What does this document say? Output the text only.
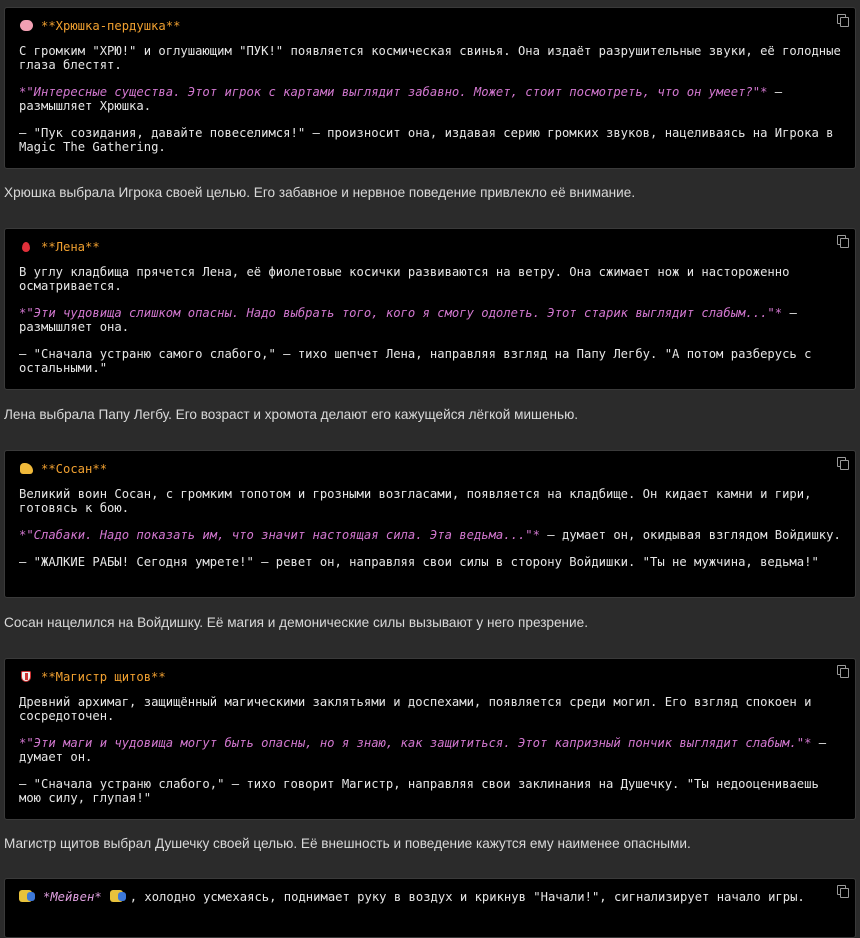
**Хрюшка-пердушка**

С громким "ХРЮ!" и оглушающим "ПУК!" появляется космическая свинья. Она издаёт разрушительные звуки, её голодные глаза блестят.

*"Интересные существа. Этот игрок с картами выглядит забавно. Может, стоит посмотреть, что он умеет?"* — размышляет Хрюшка.

— "Пук созидания, давайте повеселимся!" — произносит она, издавая серию громких звуков, нацеливаясь на Игрока в Magic The Gathering.

Хрюшка выбрала Игрока своей целью. Его забавное и нервное поведение привлекло её внимание.
**Лена**

В углу кладбища прячется Лена, её фиолетовые косички развиваются на ветру. Она сжимает нож и настороженно осматривается.

*"Эти чудовища слишком опасны. Надо выбрать того, кого я смогу одолеть. Этот старик выглядит слабым..."* — размышляет она.

— "Сначала устраню самого слабого," — тихо шепчет Лена, направляя взгляд на Папу Легбу. "А потом разберусь с остальными."

Лена выбрала Папу Легбу. Его возраст и хромота делают его кажущейся лёгкой мишенью.
**Сосан**

Великий воин Сосан, с громким топотом и грозными возгласами, появляется на кладбище. Он кидает камни и гири, готовясь к бою.

*"Слабаки. Надо показать им, что значит настоящая сила. Эта ведьма..."* — думает он, окидывая взглядом Войдишку.

— "ЖАЛКИЕ РАБЫ! Сегодня умрете!" — ревет он, направляя свои силы в сторону Войдишки. "Ты не мужчина, ведьма!"

Сосан нацелился на Войдишку. Её магия и демонические силы вызывают у него презрение.
**Магистр щитов**

Древний архимаг, защищённый магическими заклятьями и доспехами, появляется среди могил. Его взгляд спокоен и сосредоточен.

*"Эти маги и чудовища могут быть опасны, но я знаю, как защититься. Этот капризный пончик выглядит слабым."* — думает он.

— "Сначала устраню слабого," — тихо говорит Магистр, направляя свои заклинания на Душечку. "Ты недооцениваешь мою силу, глупая!"

Магистр щитов выбрал Душечку своей целью. Её внешность и поведение кажутся ему наименее опасными.
*Мейвен* , холодно усмехаясь, поднимает руку в воздух и крикнув "Начали!", сигнализирует начало игры.
